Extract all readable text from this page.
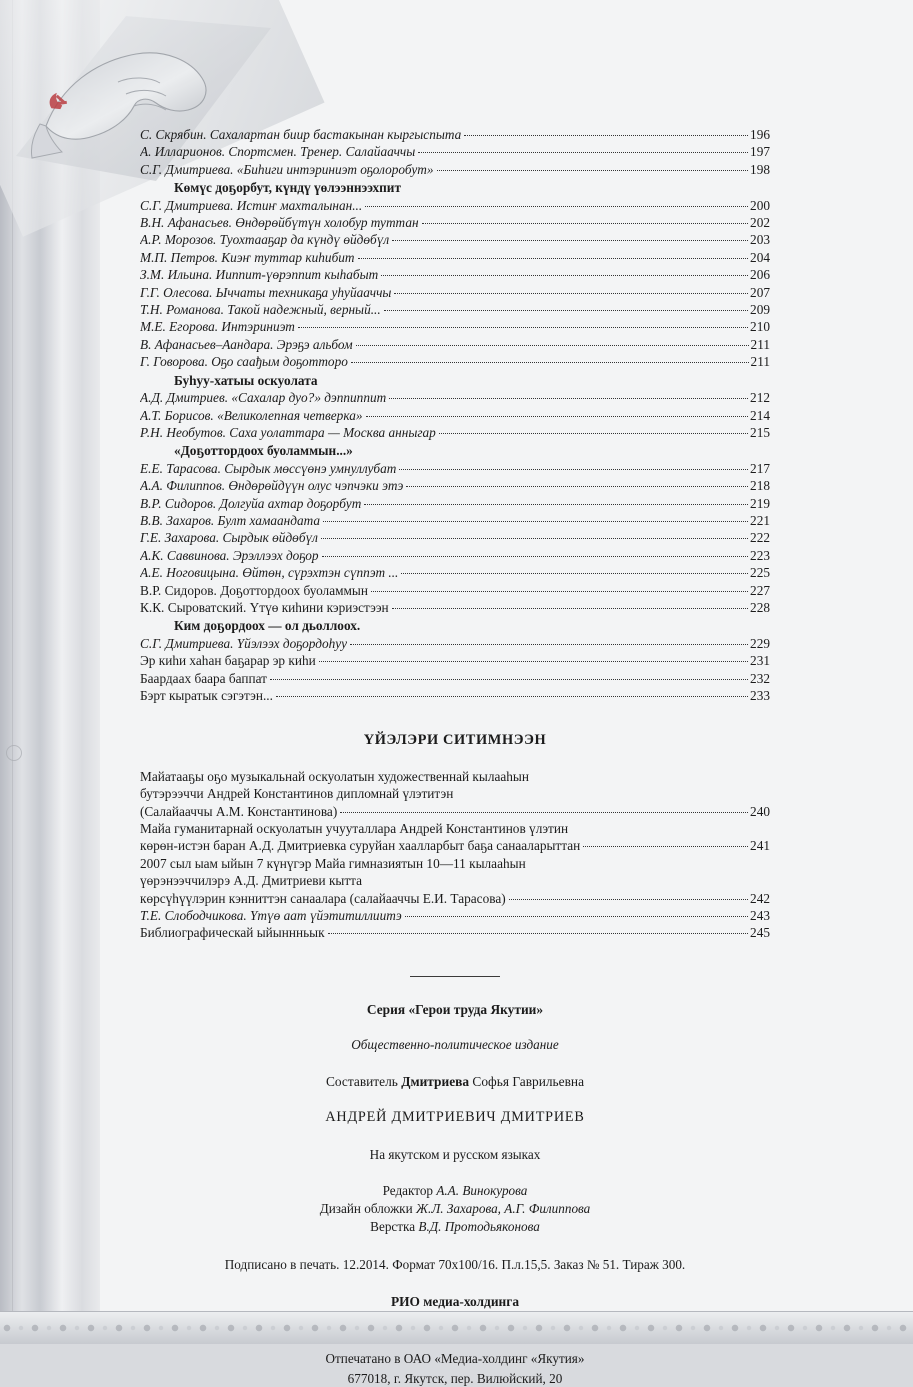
С. Скрябин. Сахалартан биир бастакынан кыргыспыта	196
А. Илларионов. Спортсмен. Тренер. Салайааччы	197
С.Г. Дмитриева. «Биһиги интэриниэт оҕолоробут»	198
Көмүс доҕорбут, күндү үөлээннээхпит
С.Г. Дмитриева. Истиҥ махталынан...	200
В.Н. Афанасьев. Өндөрөйбүтүн холобур туттан	202
А.Р. Морозов. Туохтааҕар да күндү өйдөбүл	203
М.П. Петров. Киэҥ туттар киһибит	204
З.М. Ильина. Ииппит-үөрэппит кыһабыт	206
Г.Г. Олесова. Ыччаты техникаҕа уһуйааччы	207
Т.Н. Романова. Такой надежный, верный...	209
М.Е. Егорова. Интэриниэт	210
В. Афанасьев–Аандара. Эрэҕэ альбом	211
Г. Говорова. Оҕо саађым доҕотторо	211
Буһуу-хатыы оскуолата
А.Д. Дмитриев. «Сахалар дуо?» дэппиппит	212
А.Т. Борисов. «Великолепная четверка»	214
Р.Н. Необутов. Саха уолаттара — Москва анныгар	215
«Доҕоттордоох буоламмын...»
Е.Е. Тарасова. Сырдык мөссүөнэ умнуллубат	217
А.А. Филиппов. Өндөрөйдүүн олус чэпчэки этэ	218
В.Р. Сидоров. Долгуйа ахтар доҕорбут	219
В.В. Захаров. Булт хамаандата	221
Г.Е. Захарова. Сырдык өйдөбүл	222
А.К. Саввинова. Эрэллээх доҕор	223
А.Е. Ноговицына. Өйтөн, сүрэхтэн сүппэт ...	225
В.Р. Сидоров. Доҕоттордоох буоламмын	227
К.К. Сыроватский. Үтүө киһини кэриэстээн	228
Ким доҕордоох — ол дьоллоох.
С.Г. Дмитриева. Үйэлээх доҕордоһуу	229
Эр киһи хаһан баҕарар эр киһи	231
Баардаах баара баппат	232
Бэрт кыратык сэгэтэн...	233
ҮЙЭЛЭРИ СИТИМНЭЭН
Майатааҕы оҕо музыкальнай оскуолатын художественнай кылааһын
бутэрээччи Андрей Константинов дипломнай үлэтитэн
(Салайааччы А.М. Константинова)	240
Майа гуманитарнай оскуолатын учууталлара Андрей Константинов үлэтин
көрөн-истэн баран А.Д. Дмитриевка суруйан хаалларбыт баҕа санаалaрыттан	241
2007 сыл ыам ыйын 7 күнүгэр Майа гимназиятын 10—11 кылааһын
үөрэнээччилэрэ А.Д. Дмитриеви кытта
көрсүһүүлэрин кэнниттэн санаалара (салайааччы Е.И. Тарасова)	242
Т.Е. Слободчикова. Үтүө аат үйэтитиллиитэ	243
Библиографическай ыйыннньык	245
Серия «Герои труда Якутии»
Общественно-политическое издание
Составитель Дмитриева Софья Гаврильевна
АНДРЕЙ ДМИТРИЕВИЧ ДМИТРИЕВ
На якутском и русском языках
Редактор А.А. Винокурова
Дизайн обложки Ж.Л. Захарова, А.Г. Филиппова
Верстка В.Д. Протодьяконова
Подписано в печать. 12.2014. Формат 70х100/16. П.л.15,5. Заказ № 51. Тираж 300.
РИО медиа-холдинга
Отпечатано в ОАО «Медиа-холдинг «Якутия»
677018, г. Якутск, пер. Вилюйский, 20
